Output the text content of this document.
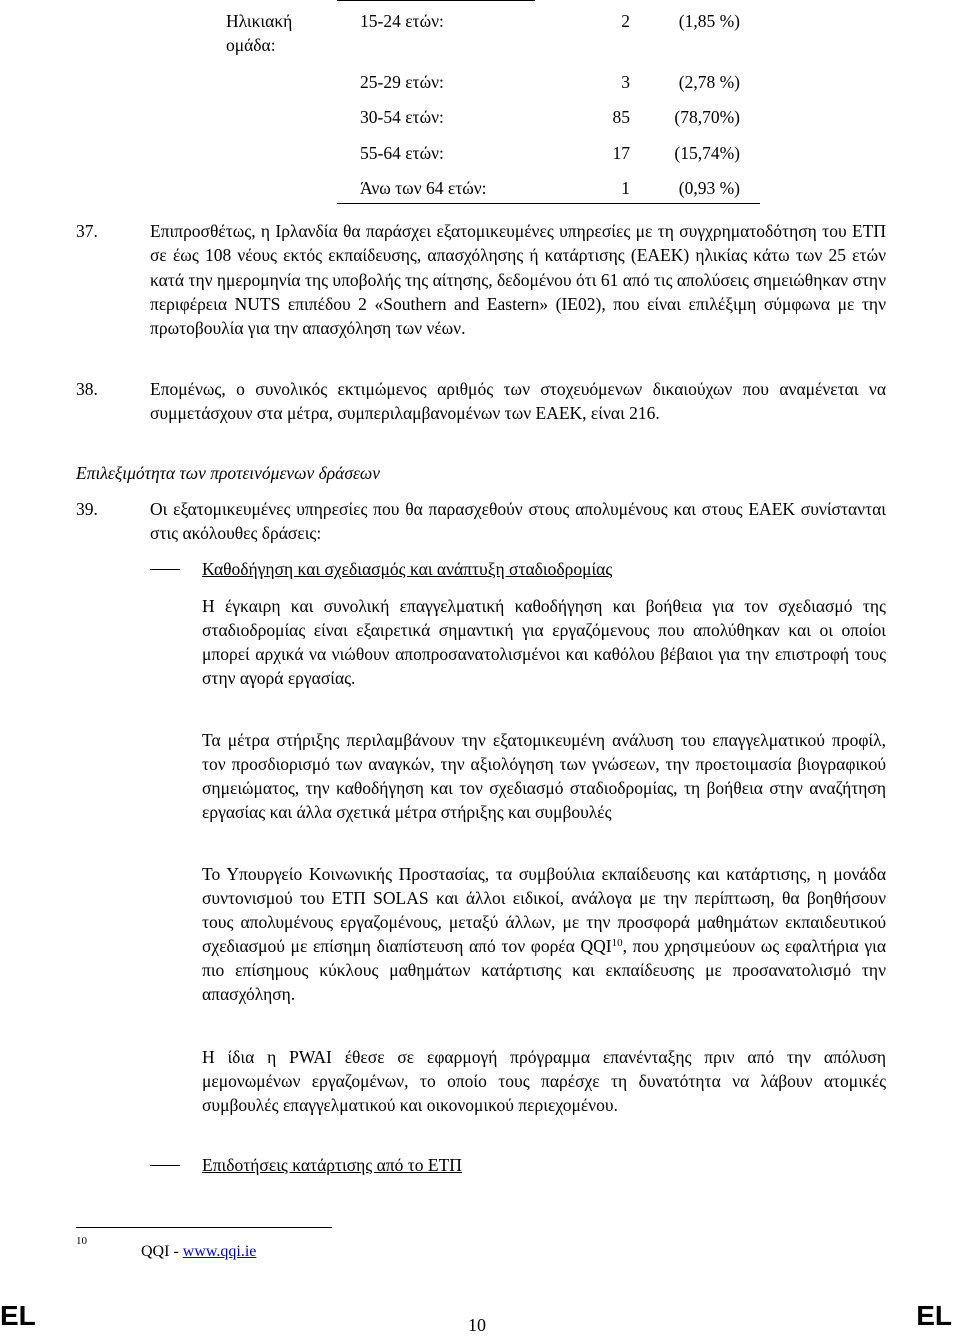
Ηλικιακή ομάδα:
15-24 ετών:	2	(1,85 %)
25-29 ετών:	3	(2,78 %)
30-54 ετών:	85	(78,70%)
55-64 ετών:	17	(15,74%)
Άνω των 64 ετών:	1	(0,93 %)
37.	Επιπροσθέτως, η Ιρλανδία θα παράσχει εξατομικευμένες υπηρεσίες με τη συγχρηματοδότηση του ΕΤΠ σε έως 108 νέους εκτός εκπαίδευσης, απασχόλησης ή κατάρτισης (ΕΑΕΚ) ηλικίας κάτω των 25 ετών κατά την ημερομηνία της υποβολής της αίτησης, δεδομένου ότι 61 από τις απολύσεις σημειώθηκαν στην περιφέρεια NUTS επιπέδου 2 «Southern and Eastern» (IE02), που είναι επιλέξιμη σύμφωνα με την πρωτοβουλία για την απασχόληση των νέων.
38.	Επομένως, ο συνολικός εκτιμώμενος αριθμός των στοχευόμενων δικαιούχων που αναμένεται να συμμετάσχουν στα μέτρα, συμπεριλαμβανομένων των ΕΑΕΚ, είναι 216.
Επιλεξιμότητα των προτεινόμενων δράσεων
39.	Οι εξατομικευμένες υπηρεσίες που θα παρασχεθούν στους απολυμένους και στους ΕΑΕΚ συνίστανται στις ακόλουθες δράσεις:
Καθοδήγηση και σχεδιασμός και ανάπτυξη σταδιοδρομίας
Η έγκαιρη και συνολική επαγγελματική καθοδήγηση και βοήθεια για τον σχεδιασμό της σταδιοδρομίας είναι εξαιρετικά σημαντική για εργαζόμενους που απολύθηκαν και οι οποίοι μπορεί αρχικά να νιώθουν αποπροσανατολισμένοι και καθόλου βέβαιοι για την επιστροφή τους στην αγορά εργασίας.
Τα μέτρα στήριξης περιλαμβάνουν την εξατομικευμένη ανάλυση του επαγγελματικού προφίλ, τον προσδιορισμό των αναγκών, την αξιολόγηση των γνώσεων, την προετοιμασία βιογραφικού σημειώματος, την καθοδήγηση και τον σχεδιασμό σταδιοδρομίας, τη βοήθεια στην αναζήτηση εργασίας και άλλα σχετικά μέτρα στήριξης και συμβουλές
Το Υπουργείο Κοινωνικής Προστασίας, τα συμβούλια εκπαίδευσης και κατάρτισης, η μονάδα συντονισμού του ΕΤΠ SOLAS και άλλοι ειδικοί, ανάλογα με την περίπτωση, θα βοηθήσουν τους απολυμένους εργαζομένους, μεταξύ άλλων, με την προσφορά μαθημάτων εκπαιδευτικού σχεδιασμού με επίσημη διαπίστευση από τον φορέα QQI$^{10}$, που χρησιμεύουν ως εφαλτήρια για πιο επίσημους κύκλους μαθημάτων κατάρτισης και εκπαίδευσης με προσανατολισμό την απασχόληση.
Η ίδια η PWAI έθεσε σε εφαρμογή πρόγραμμα επανένταξης πριν από την απόλυση μεμονωμένων εργαζομένων, το οποίο τους παρέσχε τη δυνατότητα να λάβουν ατομικές συμβουλές επαγγελματικού και οικονομικού περιεχομένου.
Επιδοτήσεις κατάρτισης από το ΕΤΠ
10
QQI - www.qqi.ie
EL	10	EL
